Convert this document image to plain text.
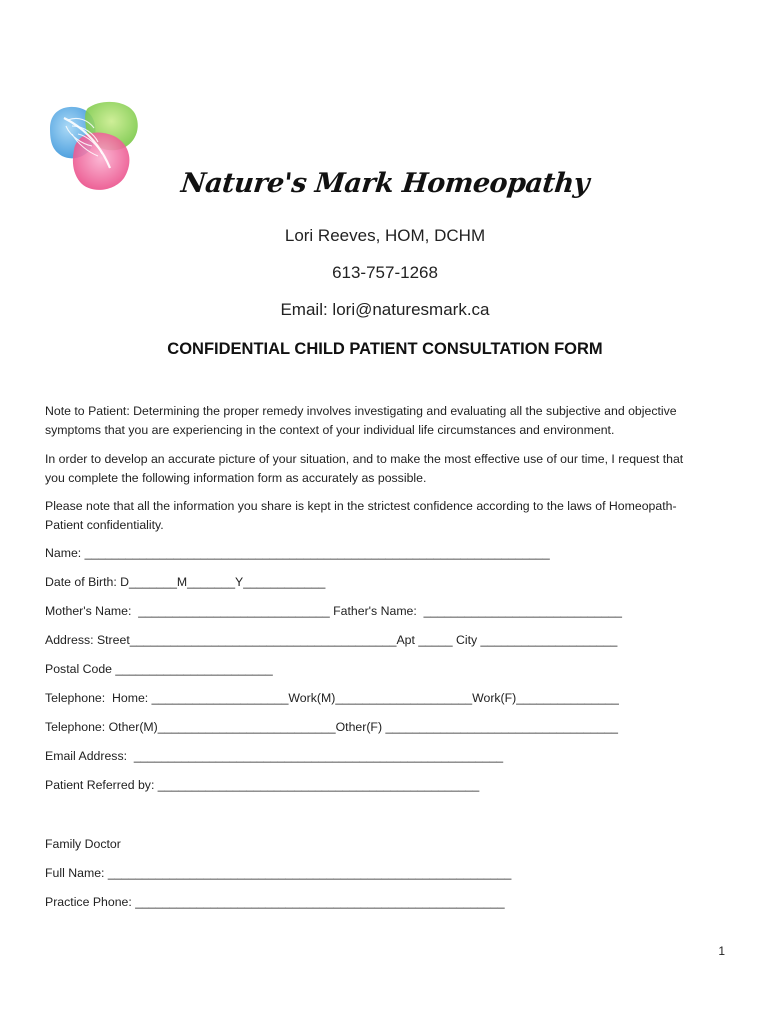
Nature's Mark Homeopathy
Lori Reeves, HOM, DCHM
613-757-1268
Email: lori@naturesmark.ca
CONFIDENTIAL CHILD PATIENT CONSULTATION FORM
Note to Patient: Determining the proper remedy involves investigating and evaluating all the subjective and objective
symptoms that you are experiencing in the context of your individual life circumstances and environment.
In order to develop an accurate picture of your situation, and to make the most effective use of our time, I request that
you complete the following information form as accurately as possible.
Please note that all the information you share is kept in the strictest confidence according to the laws of Homeopath-
Patient confidentiality.
Name: ____________________________________________________________________
Date of Birth: D_______M_______Y____________
Mother's Name:  ____________________________ Father's Name:  _____________________________
Address: Street_______________________________________Apt _____ City ____________________
Postal Code _______________________
Telephone:  Home: ____________________Work(M)____________________Work(F)_______________
Telephone: Other(M)__________________________Other(F) __________________________________
Email Address:  ______________________________________________________
Patient Referred by: _______________________________________________
Family Doctor
Full Name: ___________________________________________________________
Practice Phone: ______________________________________________________
1
